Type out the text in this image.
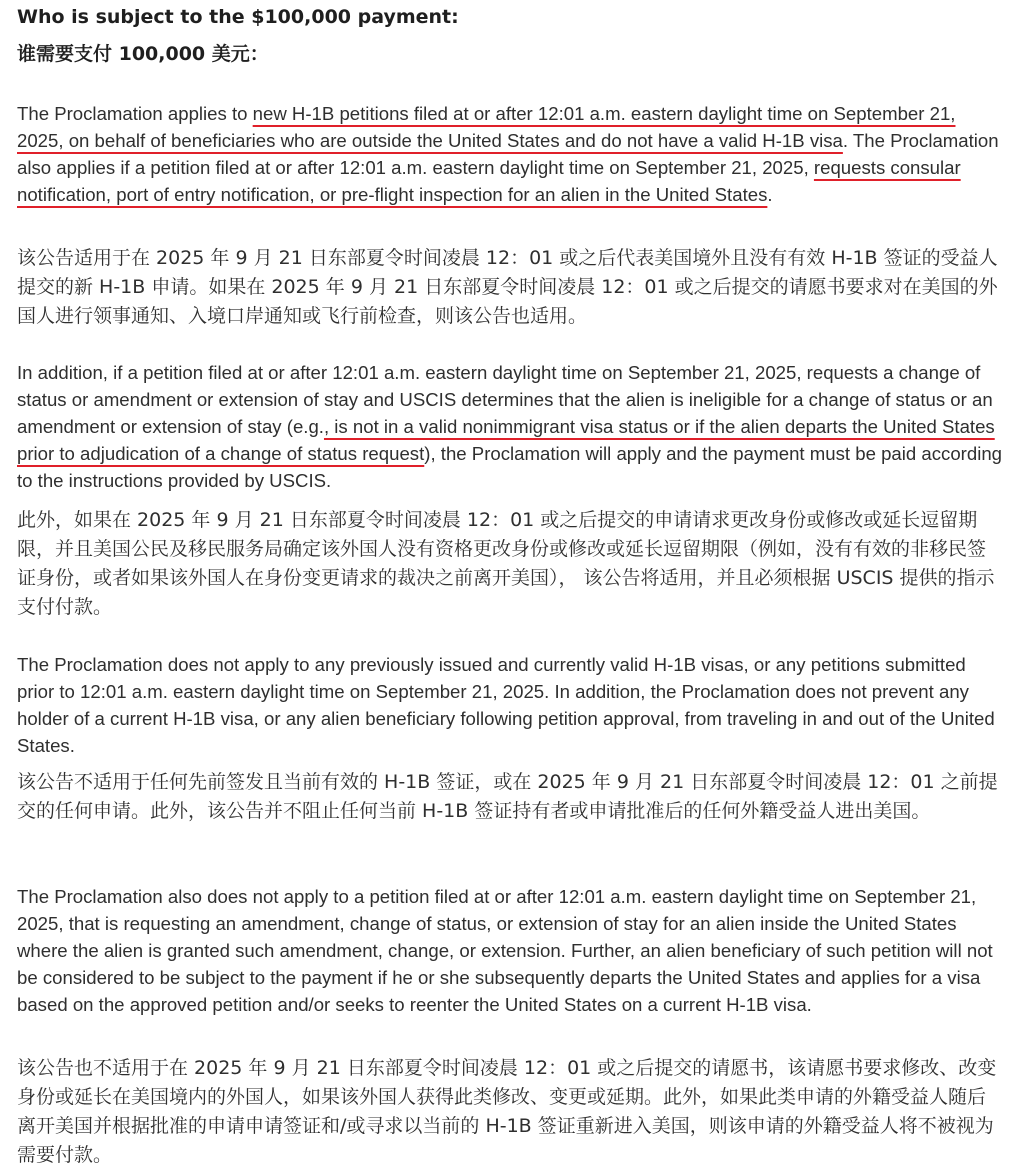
Who is subject to the $100,000 payment:
谁需要支付 100,000 美元：

The Proclamation applies to new H-1B petitions filed at or after 12:01 a.m. eastern daylight time on September 21, 2025, on behalf of beneficiaries who are outside the United States and do not have a valid H-1B visa. The Proclamation also applies if a petition filed at or after 12:01 a.m. eastern daylight time on September 21, 2025, requests consular notification, port of entry notification, or pre-flight inspection for an alien in the United States.

该公告适用于在 2025 年 9 月 21 日东部夏令时间凌晨 12：01 或之后代表美国境外且没有有效 H-1B 签证的受益人提交的新 H-1B 申请。如果在 2025 年 9 月 21 日东部夏令时间凌晨 12：01 或之后提交的请愿书要求对在美国的外国人进行领事通知、入境口岸通知或飞行前检查，则该公告也适用。

In addition, if a petition filed at or after 12:01 a.m. eastern daylight time on September 21, 2025, requests a change of status or amendment or extension of stay and USCIS determines that the alien is ineligible for a change of status or an amendment or extension of stay (e.g., is not in a valid nonimmigrant visa status or if the alien departs the United States prior to adjudication of a change of status request), the Proclamation will apply and the payment must be paid according to the instructions provided by USCIS.

此外，如果在 2025 年 9 月 21 日东部夏令时间凌晨 12：01 或之后提交的申请请求更改身份或修改或延长逗留期限，并且美国公民及移民服务局确定该外国人没有资格更改身份或修改或延长逗留期限（例如，没有有效的非移民签证身份，或者如果该外国人在身份变更请求的裁决之前离开美国）， 该公告将适用，并且必须根据 USCIS 提供的指示支付付款。

The Proclamation does not apply to any previously issued and currently valid H-1B visas, or any petitions submitted prior to 12:01 a.m. eastern daylight time on September 21, 2025. In addition, the Proclamation does not prevent any holder of a current H-1B visa, or any alien beneficiary following petition approval, from traveling in and out of the United States.

该公告不适用于任何先前签发且当前有效的 H-1B 签证，或在 2025 年 9 月 21 日东部夏令时间凌晨 12：01 之前提交的任何申请。此外，该公告并不阻止任何当前 H-1B 签证持有者或申请批准后的任何外籍受益人进出美国。

The Proclamation also does not apply to a petition filed at or after 12:01 a.m. eastern daylight time on September 21, 2025, that is requesting an amendment, change of status, or extension of stay for an alien inside the United States where the alien is granted such amendment, change, or extension. Further, an alien beneficiary of such petition will not be considered to be subject to the payment if he or she subsequently departs the United States and applies for a visa based on the approved petition and/or seeks to reenter the United States on a current H-1B visa.

该公告也不适用于在 2025 年 9 月 21 日东部夏令时间凌晨 12：01 或之后提交的请愿书，该请愿书要求修改、改变身份或延长在美国境内的外国人，如果该外国人获得此类修改、变更或延期。此外，如果此类申请的外籍受益人随后离开美国并根据批准的申请申请签证和/或寻求以当前的 H-1B 签证重新进入美国，则该申请的外籍受益人将不被视为需要付款。
